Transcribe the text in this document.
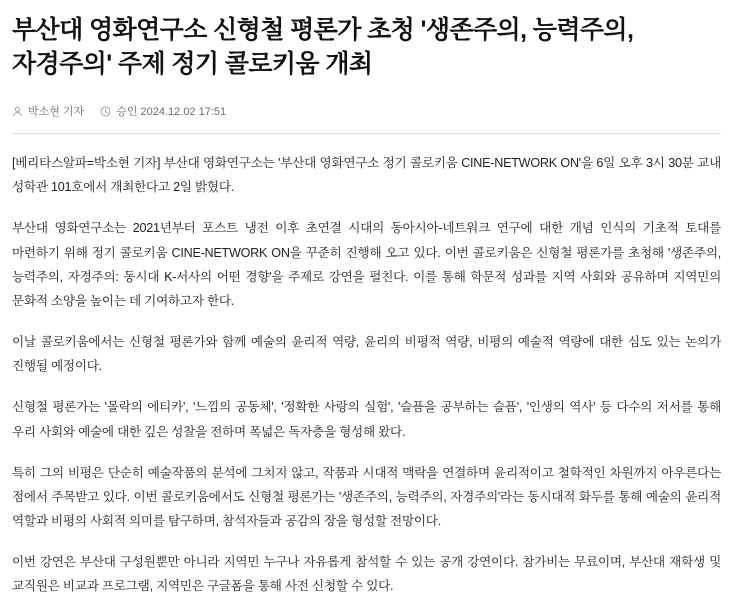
부산대 영화연구소 신형철 평론가 초청 '생존주의, 능력주의, 자경주의' 주제 정기 콜로키움 개최
박소현 기자	승인 2024.12.02 17:51

[베리타스알파=박소현 기자] 부산대 영화연구소는 '부산대 영화연구소 정기 콜로키움 CINE-NETWORK ON'을 6일 오후 3시 30분 교내 성학관 101호에서 개최한다고 2일 밝혔다.

부산대 영화연구소는 2021년부터 포스트 냉전 이후 초연결 시대의 동아시아-네트워크 연구에 대한 개념 인식의 기초적 토대를 마련하기 위해 정기 콜로키움 CINE-NETWORK ON을 꾸준히 진행해 오고 있다. 이번 콜로키움은 신형철 평론가를 초청해 '생존주의, 능력주의, 자경주의: 동시대 K-서사의 어떤 경향'을 주제로 강연을 펼친다. 이를 통해 학문적 성과를 지역 사회와 공유하며 지역민의 문화적 소양을 높이는 데 기여하고자 한다.

이날 콜로키움에서는 신형철 평론가와 함께 예술의 윤리적 역량, 윤리의 비평적 역량, 비평의 예술적 역량에 대한 심도 있는 논의가 진행될 예정이다.

신형철 평론가는 '몰락의 에티카', '느낌의 공동체', '정확한 사랑의 실험', '슬픔을 공부하는 슬픔', '인생의 역사' 등 다수의 저서를 통해 우리 사회와 예술에 대한 깊은 성찰을 전하며 폭넓은 독자층을 형성해 왔다.

특히 그의 비평은 단순히 예술작품의 분석에 그치지 않고, 작품과 시대적 맥락을 연결하며 윤리적이고 철학적인 차원까지 아우른다는 점에서 주목받고 있다. 이번 콜로키움에서도 신형철 평론가는 '생존주의, 능력주의, 자경주의'라는 동시대적 화두를 통해 예술의 윤리적 역할과 비평의 사회적 의미를 탐구하며, 참석자들과 공감의 장을 형성할 전망이다.

이번 강연은 부산대 구성원뿐만 아니라 지역민 누구나 자유롭게 참석할 수 있는 공개 강연이다. 참가비는 무료이며, 부산대 재학생 및 교직원은 비교과 프로그램, 지역민은 구글폼을 통해 사전 신청할 수 있다.
